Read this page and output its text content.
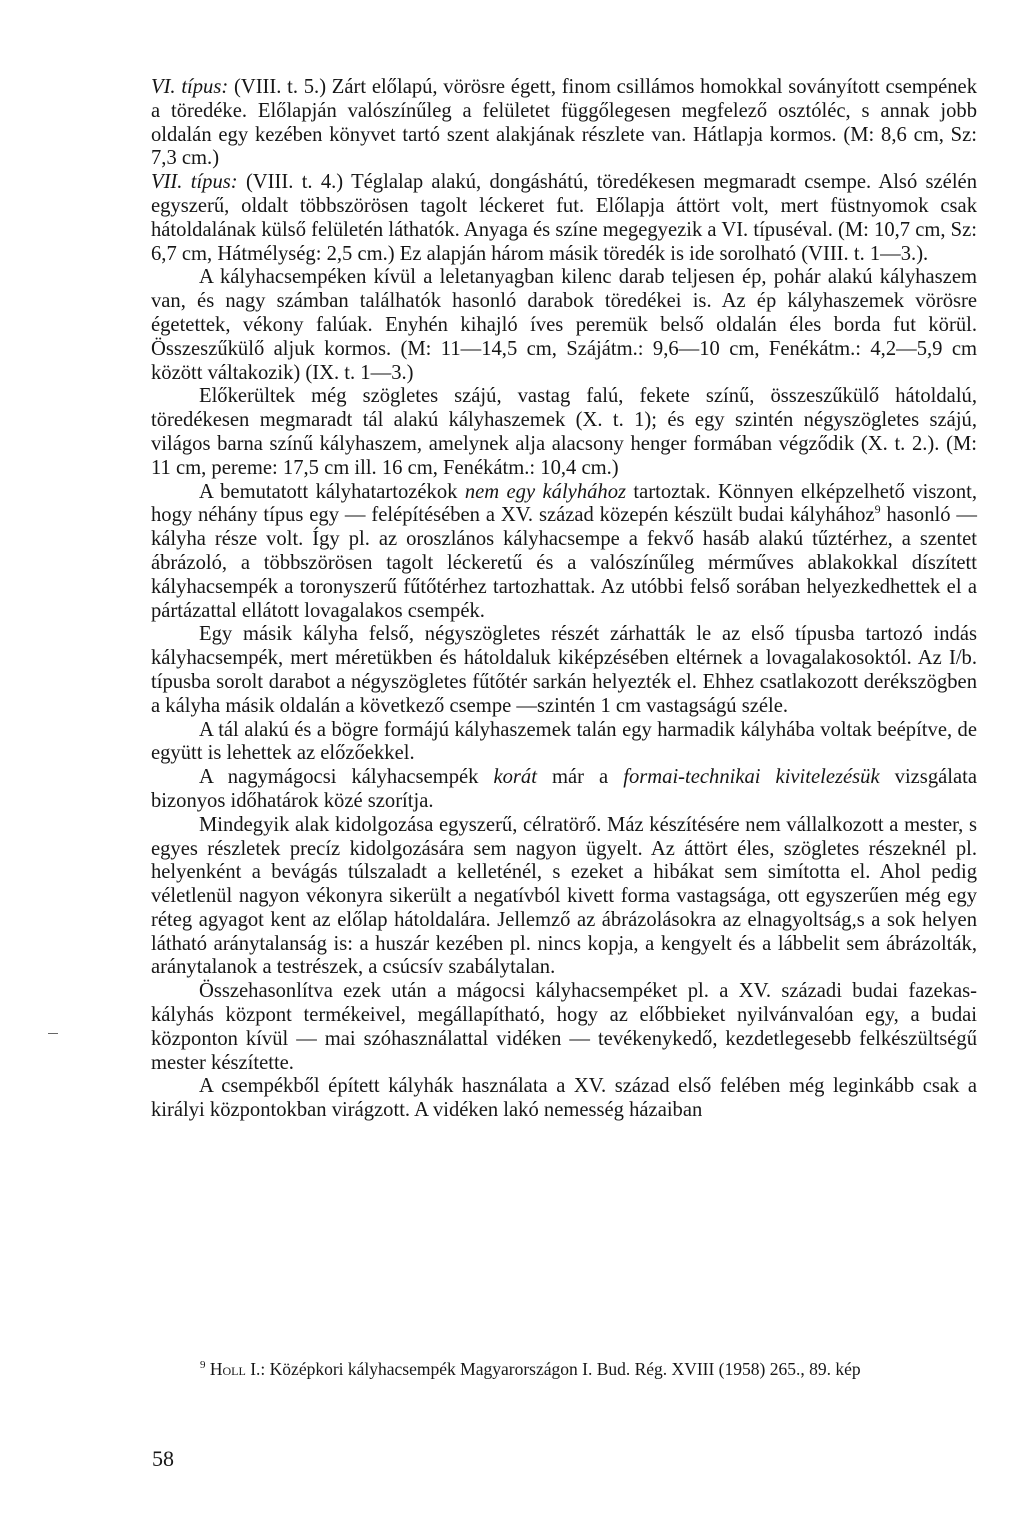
VI. típus: (VIII. t. 5.) Zárt előlapú, vörösre égett, finom csillámos homokkal soványított csempének a töredéke. Előlapján valószínűleg a felületet függőlegesen megfelező osztóléc, s annak jobb oldalán egy kezében könyvet tartó szent alakjának részlete van. Hátlapja kormos. (M: 8,6 cm, Sz: 7,3 cm.)

VII. típus: (VIII. t. 4.) Téglalap alakú, dongáshátú, töredékesen megmaradt csempe. Alsó szélén egyszerű, oldalt többszörösen tagolt léckeret fut. Előlapja áttört volt, mert füstnyomok csak hátoldalának külső felületén láthatók. Anyaga és színe megegyezik a VI. típuséval. (M: 10,7 cm, Sz: 6,7 cm, Hátmélység: 2,5 cm.) Ez alapján három másik töredék is ide sorolható (VIII. t. 1—3.).

A kályhacsempéken kívül a leletanyagban kilenc darab teljesen ép, pohár alakú kályhaszem van, és nagy számban találhatók hasonló darabok töredékei is. Az ép kályhaszemek vörösre égetettek, vékony falúak. Enyhén kihajló íves peremük belső oldalán éles borda fut körül. Összeszűkülő aljuk kormos. (M: 11—14,5 cm, Szájátm.: 9,6—10 cm, Fenékátm.: 4,2—5,9 cm között váltakozik) (IX. t. 1—3.)

Előkerültek még szögletes szájú, vastag falú, fekete színű, összeszűkülő hátoldalú, töredékesen megmaradt tál alakú kályhaszemek (X. t. 1); és egy szintén négyszögletes szájú, világos barna színű kályhaszem, amelynek alja alacsony henger formában végződik (X. t. 2.). (M: 11 cm, pereme: 17,5 cm ill. 16 cm, Fenékátm.: 10,4 cm.)

A bemutatott kályhatartozékok nem egy kályhához tartoztak. Könnyen elképzelhető viszont, hogy néhány típus egy — felépítésében a XV. század közepén készült budai kályhához$^9$ hasonló — kályha része volt. Így pl. az oroszlános kályhacsempe a fekvő hasáb alakú tűztérhez, a szentet ábrázoló, a többszörösen tagolt léckeretű és a valószínűleg mérműves ablakokkal díszített kályhacsempék a toronyszerű fűtőtérhez tartozhattak. Az utóbbi felső sorában helyezkedhettek el a pártázattal ellátott lovagalakos csempék.

Egy másik kályha felső, négyszögletes részét zárhatták le az első típusba tartozó indás kályhacsempék, mert méretükben és hátoldaluk kiképzésében eltérnek a lovagalakosoktól. Az I/b. típusba sorolt darabot a négyszögletes fűtőtér sarkán helyezték el. Ehhez csatlakozott derékszögben a kályha másik oldalán a következő csempe —szintén 1 cm vastagságú széle.

A tál alakú és a bögre formájú kályhaszemek talán egy harmadik kályhába voltak beépítve, de együtt is lehettek az előzőekkel.

A nagymágocsi kályhacsempék korát már a formai-technikai kivitelezésük vizsgálata bizonyos időhatárok közé szorítja.

Mindegyik alak kidolgozása egyszerű, célratörő. Máz készítésére nem vállalkozott a mester, s egyes részletek precíz kidolgozására sem nagyon ügyelt. Az áttört éles, szögletes részeknél pl. helyenként a bevágás túlszaladt a kelleténél, s ezeket a hibákat sem simította el. Ahol pedig véletlenül nagyon vékonyra sikerült a negatívból kivett forma vastagsága, ott egyszerűen még egy réteg agyagot kent az előlap hátoldalára. Jellemző az ábrázolásokra az elnagyoltság,s a sok helyen látható aránytalanság is: a huszár kezében pl. nincs kopja, a kengyelt és a lábbelit sem ábrázolták, aránytalanok a testrészek, a csúcsív szabálytalan.

Összehasonlítva ezek után a mágocsi kályhacsempéket pl. a XV. századi budai fazekas-kályhás központ termékeivel, megállapítható, hogy az előbbieket nyilvánvalóan egy, a budai központon kívül — mai szóhasználattal vidéken — tevékenykedő, kezdetlegesebb felkészültségű mester készítette.

A csempékből épített kályhák használata a XV. század első felében még leginkább csak a királyi központokban virágzott. A vidéken lakó nemesség házaiban

$^9$ Holl I.: Középkori kályhacsempék Magyarországon I. Bud. Rég. XVIII (1958) 265., 89. kép
58
